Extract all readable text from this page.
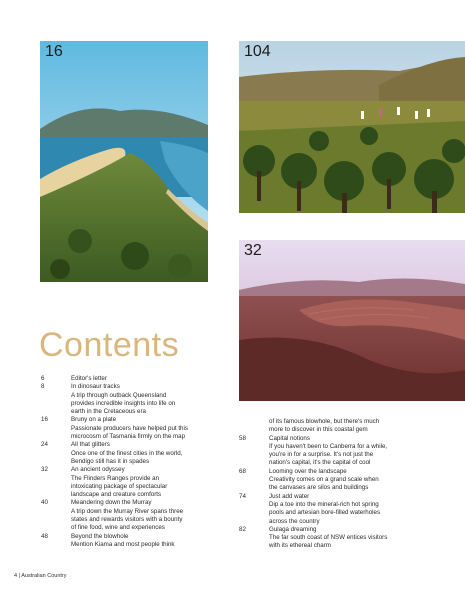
16	104
32
Contents
6	Editor's letter
8	In dinosaur tracks
A trip through outback Queensland
provides incredible insights into life on
earth in the Cretaceous era
16	Bruny on a plate
Passionate producers have helped put this
microcosm of Tasmania firmly on the map
24	All that glitters
Once one of the finest cities in the world,
Bendigo still has it in spades
32	An ancient odyssey
The Flinders Ranges provide an
intoxicating package of spectacular
landscape and creature comforts
40	Meandering down the Murray
A trip down the Murray River spans three
states and rewards visitors with a bounty
of fine food, wine and experiences
48	Beyond the blowhole
Mention Kiama and most people think
of its famous blowhole, but there's much
more to discover in this coastal gem
58	Capital notions
If you haven't been to Canberra for a while,
you're in for a surprise. It's not just the
nation's capital, it's the capital of cool
68	Looming over the landscape
Creativity comes on a grand scale when
the canvases are silos and buildings
74	Just add water
Dip a toe into the mineral-rich hot spring
pools and artesian bore-filled waterholes
across the country
82	Gulaga dreaming
The far south coast of NSW entices visitors
with its ethereal charm
4 | Australian Country
